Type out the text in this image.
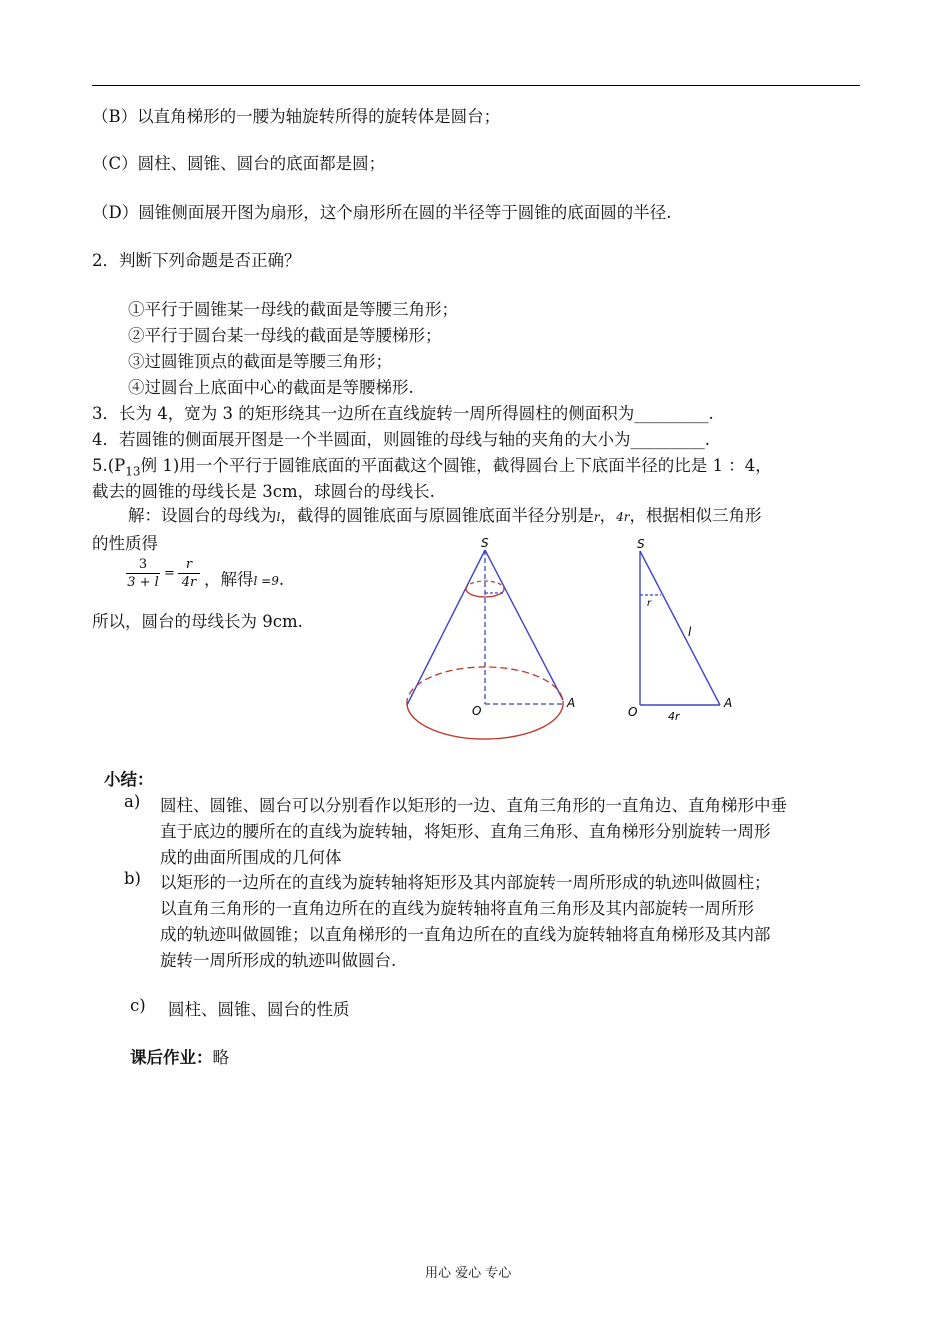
（B）以直角梯形的一腰为轴旋转所得的旋转体是圆台；
（C）圆柱、圆锥、圆台的底面都是圆；
（D）圆锥侧面展开图为扇形，这个扇形所在圆的半径等于圆锥的底面圆的半径.
2．判断下列命题是否正确？
①平行于圆锥某一母线的截面是等腰三角形；
②平行于圆台某一母线的截面是等腰梯形；
③过圆锥顶点的截面是等腰三角形；
④过圆台上底面中心的截面是等腰梯形.
3．长为 4，宽为 3 的矩形绕其一边所在直线旋转一周所得圆柱的侧面积为_________.
4．若圆锥的侧面展开图是一个半圆面，则圆锥的母线与轴的夹角的大小为_________.
$5.(P_{13}$例 1)用一个平行于圆锥底面的平面截这个圆锥，截得圆台上下底面半径的比是 1 ：4，
截去的圆锥的母线长是 3cm，球圆台的母线长.
解：设圆台的母线为l，截得的圆锥底面与原圆锥底面半径分别是r，4r，根据相似三角形
的性质得
3
3 + l
=
r
4r ，解得l =9.
所以，圆台的母线长为 9cm.
S
O
A
S
O
A
r
l
4r
小结：
a) 圆柱、圆锥、圆台可以分别看作以矩形的一边、直角三角形的一直角边、直角梯形中垂
直于底边的腰所在的直线为旋转轴，将矩形、直角三角形、直角梯形分别旋转一周形
成的曲面所围成的几何体
b) 以矩形的一边所在的直线为旋转轴将矩形及其内部旋转一周所形成的轨迹叫做圆柱；
以直角三角形的一直角边所在的直线为旋转轴将直角三角形及其内部旋转一周所形
成的轨迹叫做圆锥；以直角梯形的一直角边所在的直线为旋转轴将直角梯形及其内部
旋转一周所形成的轨迹叫做圆台.
c) 圆柱、圆锥、圆台的性质
课后作业：略
用心 爱心 专心
